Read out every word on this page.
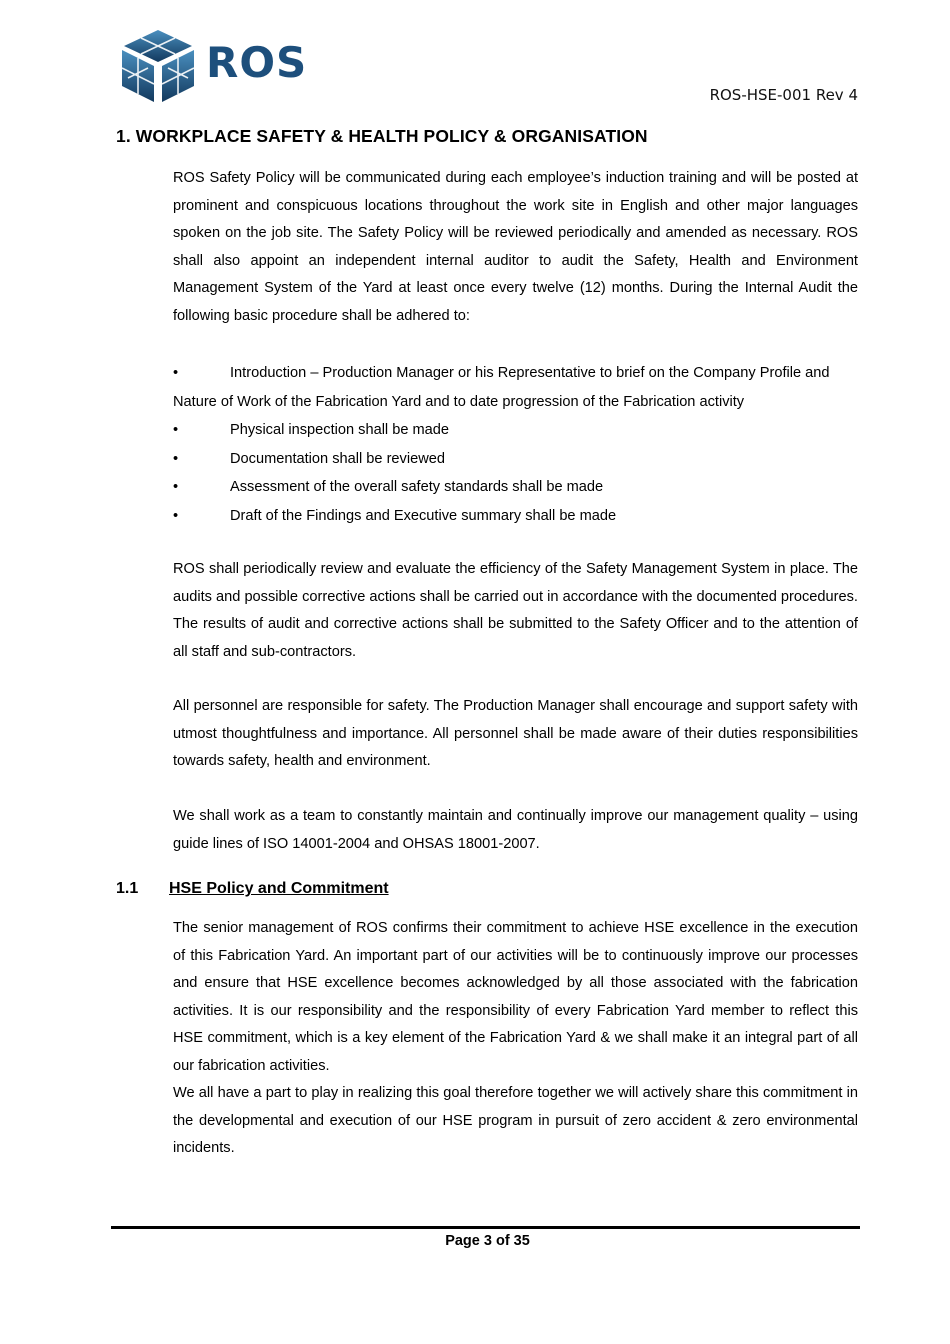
ROS
ROS-HSE-001 Rev 4
1. WORKPLACE SAFETY & HEALTH POLICY & ORGANISATION
ROS Safety Policy will be communicated during each employee’s induction training and will be posted at prominent and conspicuous locations throughout the work site in English and other major languages spoken on the job site. The Safety Policy will be reviewed periodically and amended as necessary. ROS shall also appoint an independent internal auditor to audit the Safety, Health and Environment Management System of the Yard at least once every twelve (12) months. During the Internal Audit the following basic procedure shall be adhered to:
•	Introduction – Production Manager or his Representative to brief on the Company Profile and Nature of Work of the Fabrication Yard and to date progression of the Fabrication activity
•	Physical inspection shall be made
•	Documentation shall be reviewed
•	Assessment of the overall safety standards shall be made
•	Draft of the Findings and Executive summary shall be made
ROS shall periodically review and evaluate the efficiency of the Safety Management System in place. The audits and possible corrective actions shall be carried out in accordance with the documented procedures. The results of audit and corrective actions shall be submitted to the Safety Officer and to the attention of all staff and sub-contractors.
All personnel are responsible for safety. The Production Manager shall encourage and support safety with utmost thoughtfulness and importance. All personnel shall be made aware of their duties responsibilities towards safety, health and environment.
We shall work as a team to constantly maintain and continually improve our management quality – using guide lines of ISO 14001-2004 and OHSAS 18001-2007.
1.1 HSE Policy and Commitment
The senior management of ROS confirms their commitment to achieve HSE excellence in the execution of this Fabrication Yard. An important part of our activities will be to continuously improve our processes and ensure that HSE excellence becomes acknowledged by all those associated with the fabrication activities. It is our responsibility and the responsibility of every Fabrication Yard member to reflect this HSE commitment, which is a key element of the Fabrication Yard & we shall make it an integral part of all our fabrication activities.
We all have a part to play in realizing this goal therefore together we will actively share this commitment in the developmental and execution of our HSE program in pursuit of zero accident & zero environmental incidents.
Page 3 of 35
